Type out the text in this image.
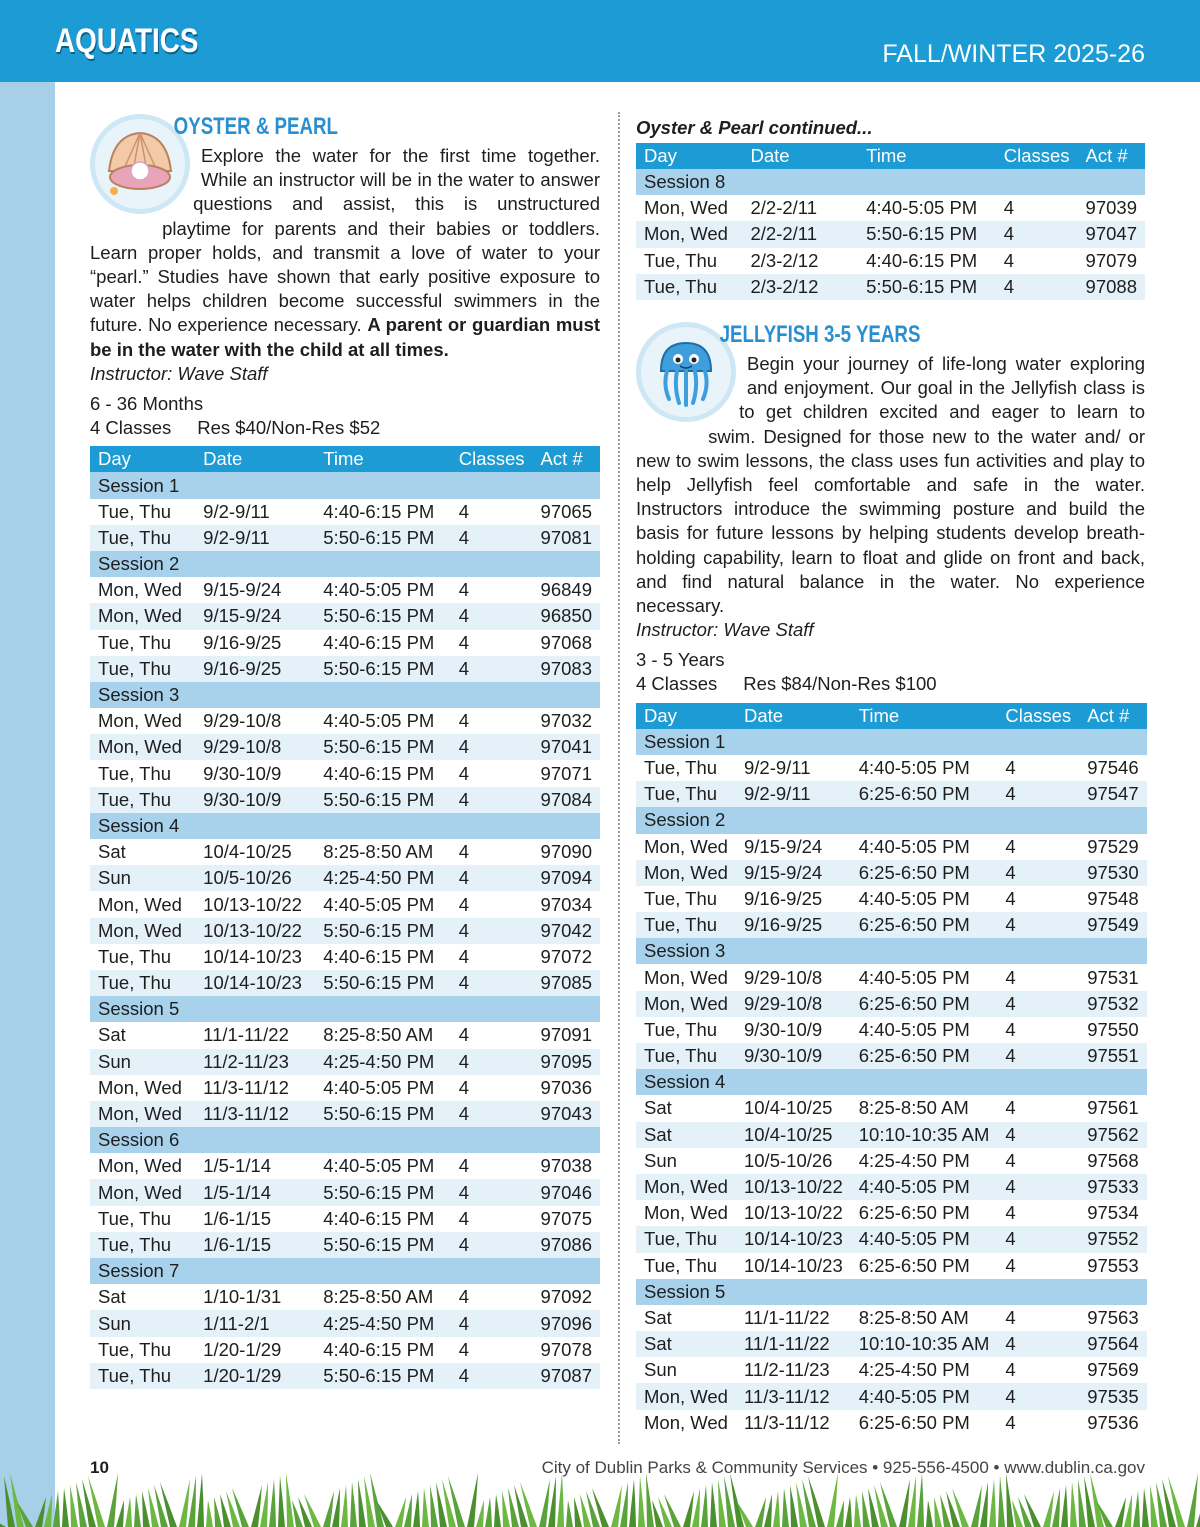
AQUATICS	FALL/WINTER 2025-26
OYSTER & PEARL

Explore the water for the first time together. While an instructor will be in the water to answer questions and assist, this is unstructured playtime for parents and their babies or toddlers. Learn proper holds, and transmit a love of water to your “pearl.” Studies have shown that early positive exposure to water helps children become successful swimmers in the future. No experience necessary. A parent or guardian must be in the water with the child at all times.

Instructor: Wave Staff
6 - 36 Months
4 Classes Res $40/Non-Res $52
Day	Date	Time	Classes	Act #
Session 1				
Tue, Thu	9/2-9/11	4:40-6:15 PM	4	97065
Tue, Thu	9/2-9/11	5:50-6:15 PM	4	97081
Session 2				
Mon, Wed	9/15-9/24	4:40-5:05 PM	4	96849
Mon, Wed	9/15-9/24	5:50-6:15 PM	4	96850
Tue, Thu	9/16-9/25	4:40-6:15 PM	4	97068
Tue, Thu	9/16-9/25	5:50-6:15 PM	4	97083
Session 3				
Mon, Wed	9/29-10/8	4:40-5:05 PM	4	97032
Mon, Wed	9/29-10/8	5:50-6:15 PM	4	97041
Tue, Thu	9/30-10/9	4:40-6:15 PM	4	97071
Tue, Thu	9/30-10/9	5:50-6:15 PM	4	97084
Session 4				
Sat	10/4-10/25	8:25-8:50 AM	4	97090
Sun	10/5-10/26	4:25-4:50 PM	4	97094
Mon, Wed	10/13-10/22	4:40-5:05 PM	4	97034
Mon, Wed	10/13-10/22	5:50-6:15 PM	4	97042
Tue, Thu	10/14-10/23	4:40-6:15 PM	4	97072
Tue, Thu	10/14-10/23	5:50-6:15 PM	4	97085
Session 5				
Sat	11/1-11/22	8:25-8:50 AM	4	97091
Sun	11/2-11/23	4:25-4:50 PM	4	97095
Mon, Wed	11/3-11/12	4:40-5:05 PM	4	97036
Mon, Wed	11/3-11/12	5:50-6:15 PM	4	97043
Session 6				
Mon, Wed	1/5-1/14	4:40-5:05 PM	4	97038
Mon, Wed	1/5-1/14	5:50-6:15 PM	4	97046
Tue, Thu	1/6-1/15	4:40-6:15 PM	4	97075
Tue, Thu	1/6-1/15	5:50-6:15 PM	4	97086
Session 7				
Sat	1/10-1/31	8:25-8:50 AM	4	97092
Sun	1/11-2/1	4:25-4:50 PM	4	97096
Tue, Thu	1/20-1/29	4:40-6:15 PM	4	97078
Tue, Thu	1/20-1/29	5:50-6:15 PM	4	97087
Oyster & Pearl continued...
Day	Date	Time	Classes	Act #
Session 8				
Mon, Wed	2/2-2/11	4:40-5:05 PM	4	97039
Mon, Wed	2/2-2/11	5:50-6:15 PM	4	97047
Tue, Thu	2/3-2/12	4:40-6:15 PM	4	97079
Tue, Thu	2/3-2/12	5:50-6:15 PM	4	97088
JELLYFISH 3-5 YEARS

Begin your journey of life-long water exploring and enjoyment. Our goal in the Jellyfish class is to get children excited and eager to learn to swim. Designed for those new to the water and/ or new to swim lessons, the class uses fun activities and play to help Jellyfish feel comfortable and safe in the water. Instructors introduce the swimming posture and build the basis for future lessons by helping students develop breath-holding capability, learn to float and glide on front and back, and find natural balance in the water. No experience necessary.

Instructor: Wave Staff
3 - 5 Years
4 Classes Res $84/Non-Res $100
Day	Date	Time	Classes	Act #
Session 1				
Tue, Thu	9/2-9/11	4:40-5:05 PM	4	97546
Tue, Thu	9/2-9/11	6:25-6:50 PM	4	97547
Session 2				
Mon, Wed	9/15-9/24	4:40-5:05 PM	4	97529
Mon, Wed	9/15-9/24	6:25-6:50 PM	4	97530
Tue, Thu	9/16-9/25	4:40-5:05 PM	4	97548
Tue, Thu	9/16-9/25	6:25-6:50 PM	4	97549
Session 3				
Mon, Wed	9/29-10/8	4:40-5:05 PM	4	97531
Mon, Wed	9/29-10/8	6:25-6:50 PM	4	97532
Tue, Thu	9/30-10/9	4:40-5:05 PM	4	97550
Tue, Thu	9/30-10/9	6:25-6:50 PM	4	97551
Session 4				
Sat	10/4-10/25	8:25-8:50 AM	4	97561
Sat	10/4-10/25	10:10-10:35 AM	4	97562
Sun	10/5-10/26	4:25-4:50 PM	4	97568
Mon, Wed	10/13-10/22	4:40-5:05 PM	4	97533
Mon, Wed	10/13-10/22	6:25-6:50 PM	4	97534
Tue, Thu	10/14-10/23	4:40-5:05 PM	4	97552
Tue, Thu	10/14-10/23	6:25-6:50 PM	4	97553
Session 5				
Sat	11/1-11/22	8:25-8:50 AM	4	97563
Sat	11/1-11/22	10:10-10:35 AM	4	97564
Sun	11/2-11/23	4:25-4:50 PM	4	97569
Mon, Wed	11/3-11/12	4:40-5:05 PM	4	97535
Mon, Wed	11/3-11/12	6:25-6:50 PM	4	97536
10	City of Dublin Parks & Community Services • 925-556-4500 • www.dublin.ca.gov
